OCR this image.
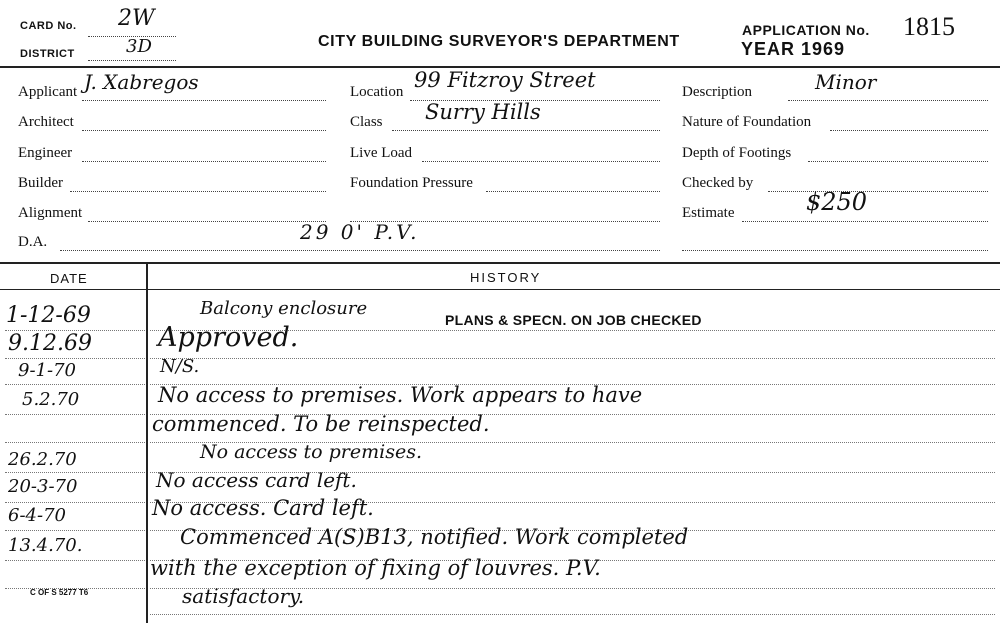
CARD No. 2W
DISTRICT	3D	CITY BUILDING SURVEYOR'S DEPARTMENT
APPLICATION No. 1815
YEAR 1969
Applicant J. Xabregos
Architect
Engineer
Builder
Alignment
D.A.	29 0' P.V.
Location 99 Fitzroy Street
Class Surry Hills
Live Load
Foundation Pressure
Description	Minor
Nature of Foundation
Depth of Footings
Checked by
Estimate	$250
DATE	HISTORY
PLANS & SPECN. ON JOB CHECKED
1-12-69	Balcony enclosure
9.12.69 Approved.
9-1-70	N/S.
5.2.70	No access to premises. Work appears to have
commenced. To be reinspected.
26.2.70	No access to premises.
20-3-70	No access card left.
6-4-70	No access. Card left.
13.4.70.	Commenced A(S)B13, notified. Work completed
with the exception of fixing of louvres. P.V.
satisfactory.
C OF S 5277 T6
